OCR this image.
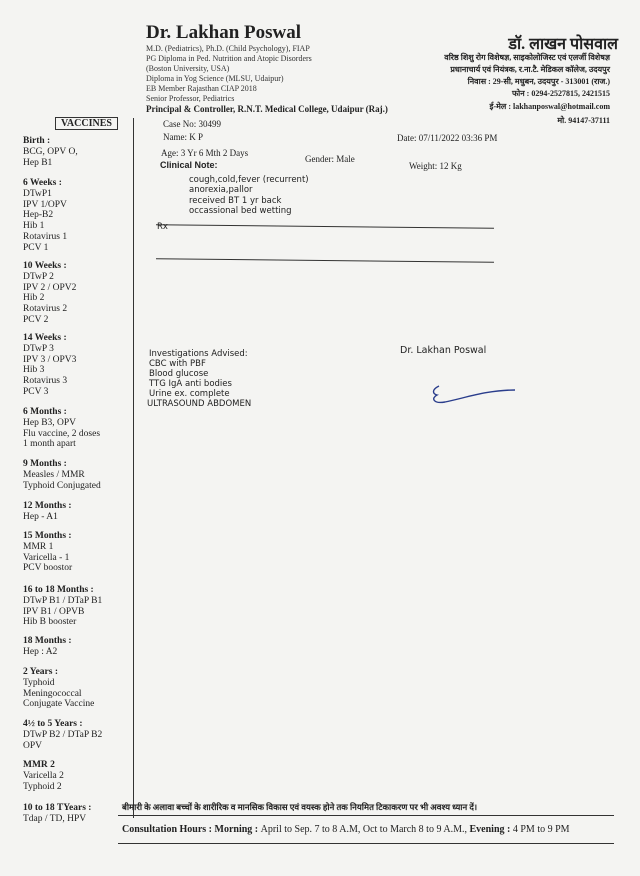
Dr. Lakhan Poswal
M.D. (Pediatrics), Ph.D. (Child Psychology), FIAP
PG Diploma in Ped. Nutrition and Atopic Disorders
(Boston University, USA)
Diploma in Yog Science (MLSU, Udaipur)
EB Member Rajasthan CIAP 2018
Senior Professor, Pediatrics
Principal & Controller, R.N.T. Medical College, Udaipur (Raj.)
डॉ. लाखन पोसवाल
वरिष्ठ शिशु रोग विशेषज्ञ, साइकोलोजिस्ट एवं एलर्जी विशेषज्ञ
प्रधानाचार्य एवं नियंत्रक, र.ना.टै. मेडिकल कॉलेज, उदयपुर
निवास : 29-सी, मधुबन, उदयपुर - 313001 (राज.)
फोन : 0294-2527815, 2421515
ई-मेल : lakhanposwal@hotmail.com
मो. 94147-37111
VACCINES
Birth :
BCG, OPV O,
Hep B1
6 Weeks :
DTwP1
IPV 1/OPV
Hep-B2
Hib 1
Rotavirus 1
PCV 1
10 Weeks :
DTwP 2
IPV 2 / OPV2
Hib 2
Rotavirus 2
PCV 2
14 Weeks :
DTwP 3
IPV 3 / OPV3
Hib 3
Rotavirus 3
PCV 3
6 Months :
Hep B3, OPV
Flu vaccine, 2 doses
1 month apart
9 Months :
Measles / MMR
Typhoid Conjugated
12 Months :
Hep - A1
15 Months :
MMR 1
Varicella - 1
PCV boostor
16 to 18 Months :
DTwP B1 / DTaP B1
IPV B1 / OPVB
Hib B booster
18 Months :
Hep : A2
2 Years :
Typhoid
Meningococcal
Conjugate Vaccine
4½ to 5 Years :
DTwP B2 / DTaP B2
OPV
MMR 2
Varicella 2
Typhoid 2
10 to 18 TYears :
Tdap / TD, HPV
Case No: 30499
Name: K P	Date: 07/11/2022 03:36 PM
Age: 3 Yr 6 Mth 2 Days
Gender: Male
Weight: 12 Kg
Clinical Note:
cough,cold,fever (recurrent)
anorexia,pallor
received BT 1 yr back
occassional bed wetting
Rx
Dr. Lakhan Poswal
Investigations Advised:
CBC with PBF
Blood glucose
TTG IgA anti bodies
Urine ex. complete
ULTRASOUND ABDOMEN
बीमारी के अलावा बच्चों के शारीरिक व मानसिक विकास एवं वयस्क होने तक नियमित टिकाकरण पर भी अवश्य ध्यान दें।
Consultation Hours : Morning : April to Sep. 7 to 8 A.M, Oct to March 8 to 9 A.M., Evening : 4 PM to 9 PM
